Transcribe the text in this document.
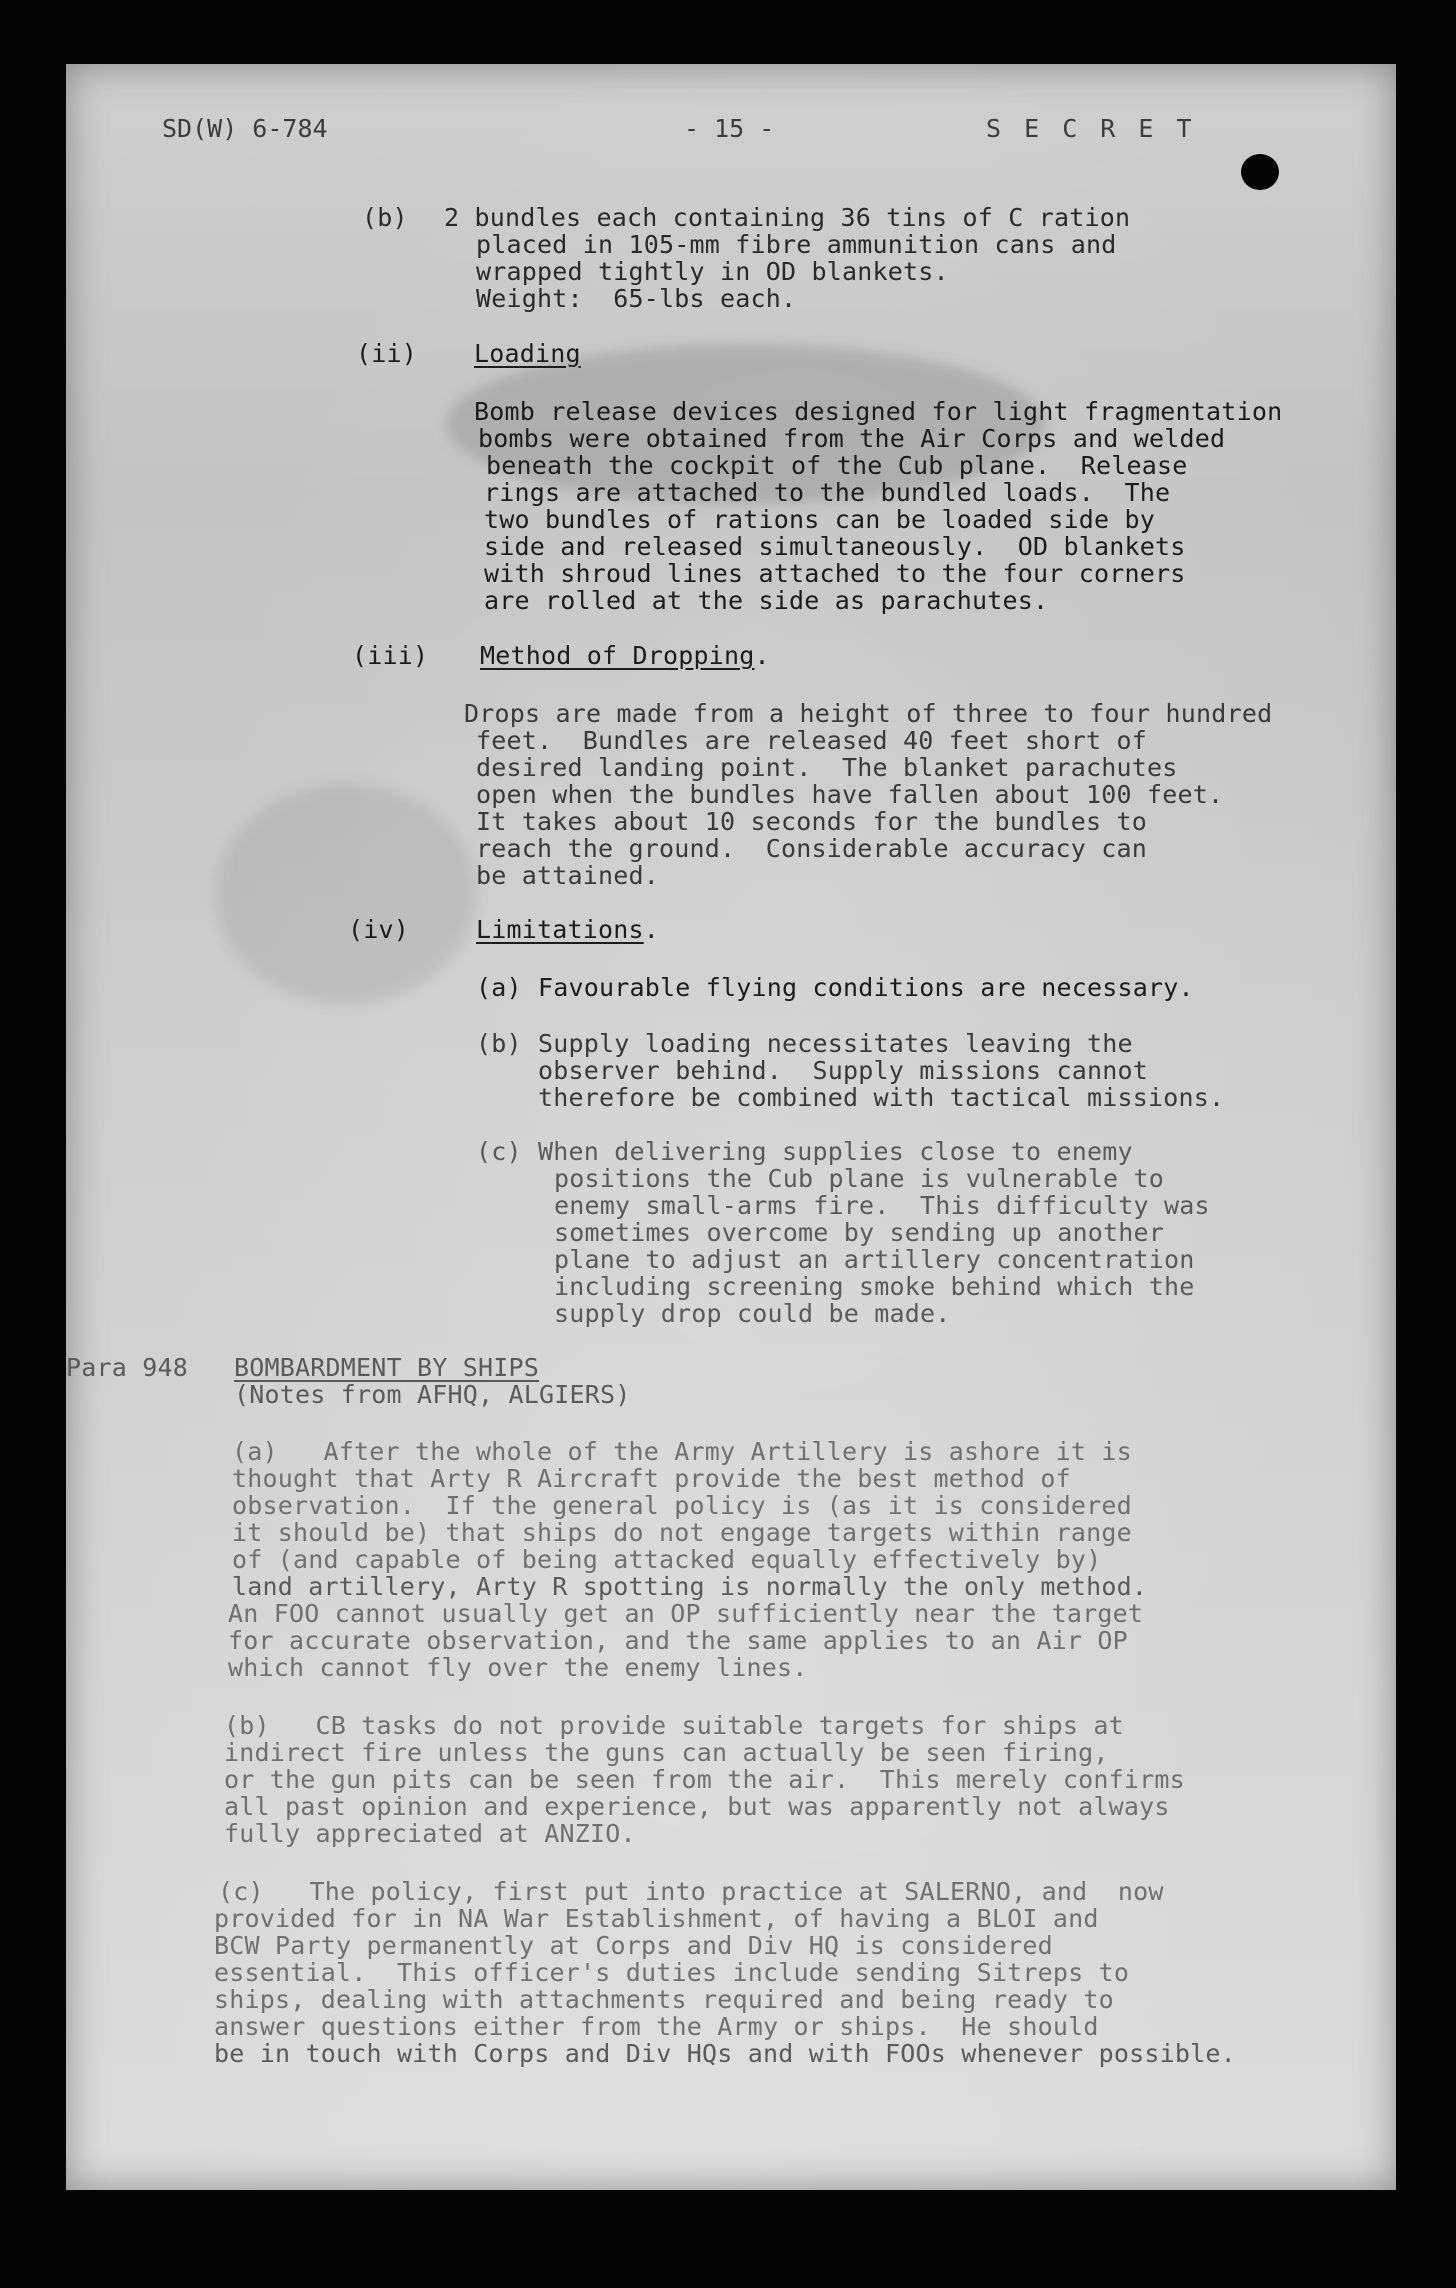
SD(W) 6-784	- 15 -	S E C R E T
(b) 2 bundles each containing 36 tins of C ration
placed in 105-mm fibre ammunition cans and
wrapped tightly in OD blankets.
Weight:  65-lbs each.
(ii) Loading
Bomb release devices designed for light fragmentation
bombs were obtained from the Air Corps and welded
beneath the cockpit of the Cub plane.  Release
rings are attached to the bundled loads.  The
two bundles of rations can be loaded side by
side and released simultaneously.  OD blankets
with shroud lines attached to the four corners
are rolled at the side as parachutes.
(iii) Method of Dropping.
Drops are made from a height of three to four hundred
feet.  Bundles are released 40 feet short of
desired landing point.  The blanket parachutes
open when the bundles have fallen about 100 feet.
It takes about 10 seconds for the bundles to
reach the ground.  Considerable accuracy can
be attained.
(iv)	Limitations.
(a) Favourable flying conditions are necessary.
(b) Supply loading necessitates leaving the
observer behind.  Supply missions cannot
therefore be combined with tactical missions.
(c) When delivering supplies close to enemy
positions the Cub plane is vulnerable to
enemy small-arms fire.  This difficulty was
sometimes overcome by sending up another
plane to adjust an artillery concentration
including screening smoke behind which the
supply drop could be made.
Para 948 BOMBARDMENT BY SHIPS
(Notes from AFHQ, ALGIERS)
(a)   After the whole of the Army Artillery is ashore it is
thought that Arty R Aircraft provide the best method of
observation.  If the general policy is (as it is considered
it should be) that ships do not engage targets within range
of (and capable of being attacked equally effectively by)
land artillery, Arty R spotting is normally the only method.
An FOO cannot usually get an OP sufficiently near the target
for accurate observation, and the same applies to an Air OP
which cannot fly over the enemy lines.
(b)   CB tasks do not provide suitable targets for ships at
indirect fire unless the guns can actually be seen firing,
or the gun pits can be seen from the air.  This merely confirms
all past opinion and experience, but was apparently not always
fully appreciated at ANZIO.
(c)   The policy, first put into practice at SALERNO, and  now
provided for in NA War Establishment, of having a BLOI and
BCW Party permanently at Corps and Div HQ is considered
essential.  This officer's duties include sending Sitreps to
ships, dealing with attachments required and being ready to
answer questions either from the Army or ships.  He should
be in touch with Corps and Div HQs and with FOOs whenever possible.
